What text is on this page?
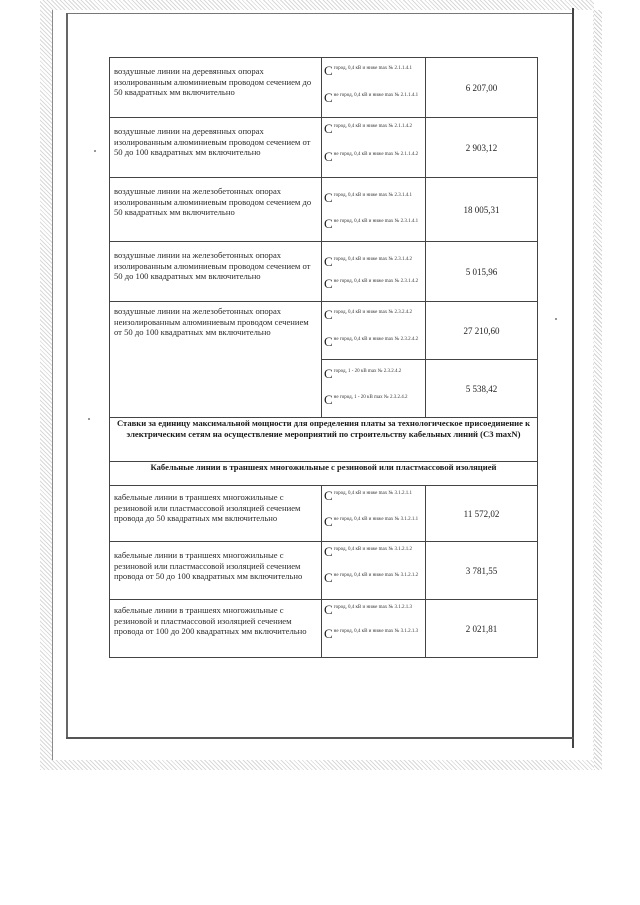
воздушные линии на деревянных опорах изолированным алюминиевым проводом сечением до 50 квадратных мм включительно	С город, 0,4 кВ и ниже max № 2.1.1.4.1
С не город, 0,4 кВ и ниже max № 2.1.1.4.1	6 207,00

воздушные линии на деревянных опорах изолированным алюминиевым проводом сечением от 50 до 100 квадратных мм включительно	С город, 0,4 кВ и ниже max № 2.1.1.4.2
С не город, 0,4 кВ и ниже max № 2.1.1.4.2	2 903,12

воздушные линии на железобетонных опорах изолированным алюминиевым проводом сечением до 50 квадратных мм включительно	С город, 0,4 кВ и ниже max № 2.3.1.4.1
С не город, 0,4 кВ и ниже max № 2.3.1.4.1	18 005,31

воздушные линии на железобетонных опорах изолированным алюминиевым проводом сечением от 50 до 100 квадратных мм включительно	С город, 0,4 кВ и ниже max № 2.3.1.4.2
С не город, 0,4 кВ и ниже max № 2.3.1.4.2	5 015,96

воздушные линии на железобетонных опорах неизолированным алюминиевым проводом сечением от 50 до 100 квадратных мм включительно	С город, 0,4 кВ и ниже max № 2.3.2.4.2
С не город, 0,4 кВ и ниже max № 2.3.2.4.2	27 210,60

	С город, 1 - 20 кВ max № 2.3.2.4.2
С не город, 1 - 20 кВ max № 2.3.2.4.2	5 538,42

Ставки за единицу максимальной мощности для определения платы за технологическое присоединение к электрическим сетям на осуществление мероприятий по строительству кабельных линий (С3 maxN)		
Кабельные линии в траншеях многожильные с резиновой или пластмассовой изоляцией		

кабельные линии в траншеях многожильные с резиновой или пластмассовой изоляцией сечением провода до 50 квадратных мм включительно	С город, 0,4 кВ и ниже max № 3.1.2.1.1
С не город, 0,4 кВ и ниже max № 3.1.2.1.1	11 572,02

кабельные линии в траншеях многожильные с резиновой или пластмассовой изоляцией сечением провода от 50 до 100 квадратных мм включительно	С город, 0,4 кВ и ниже max № 3.1.2.1.2
С не город, 0,4 кВ и ниже max № 3.1.2.1.2	3 781,55

кабельные линии в траншеях многожильные с резиновой и пластмассовой изоляцией сечением провода от 100 до 200 квадратных мм включительно	С город, 0,4 кВ и ниже max № 3.1.2.1.3
С не город, 0,4 кВ и ниже max № 3.1.2.1.3	2 021,81
